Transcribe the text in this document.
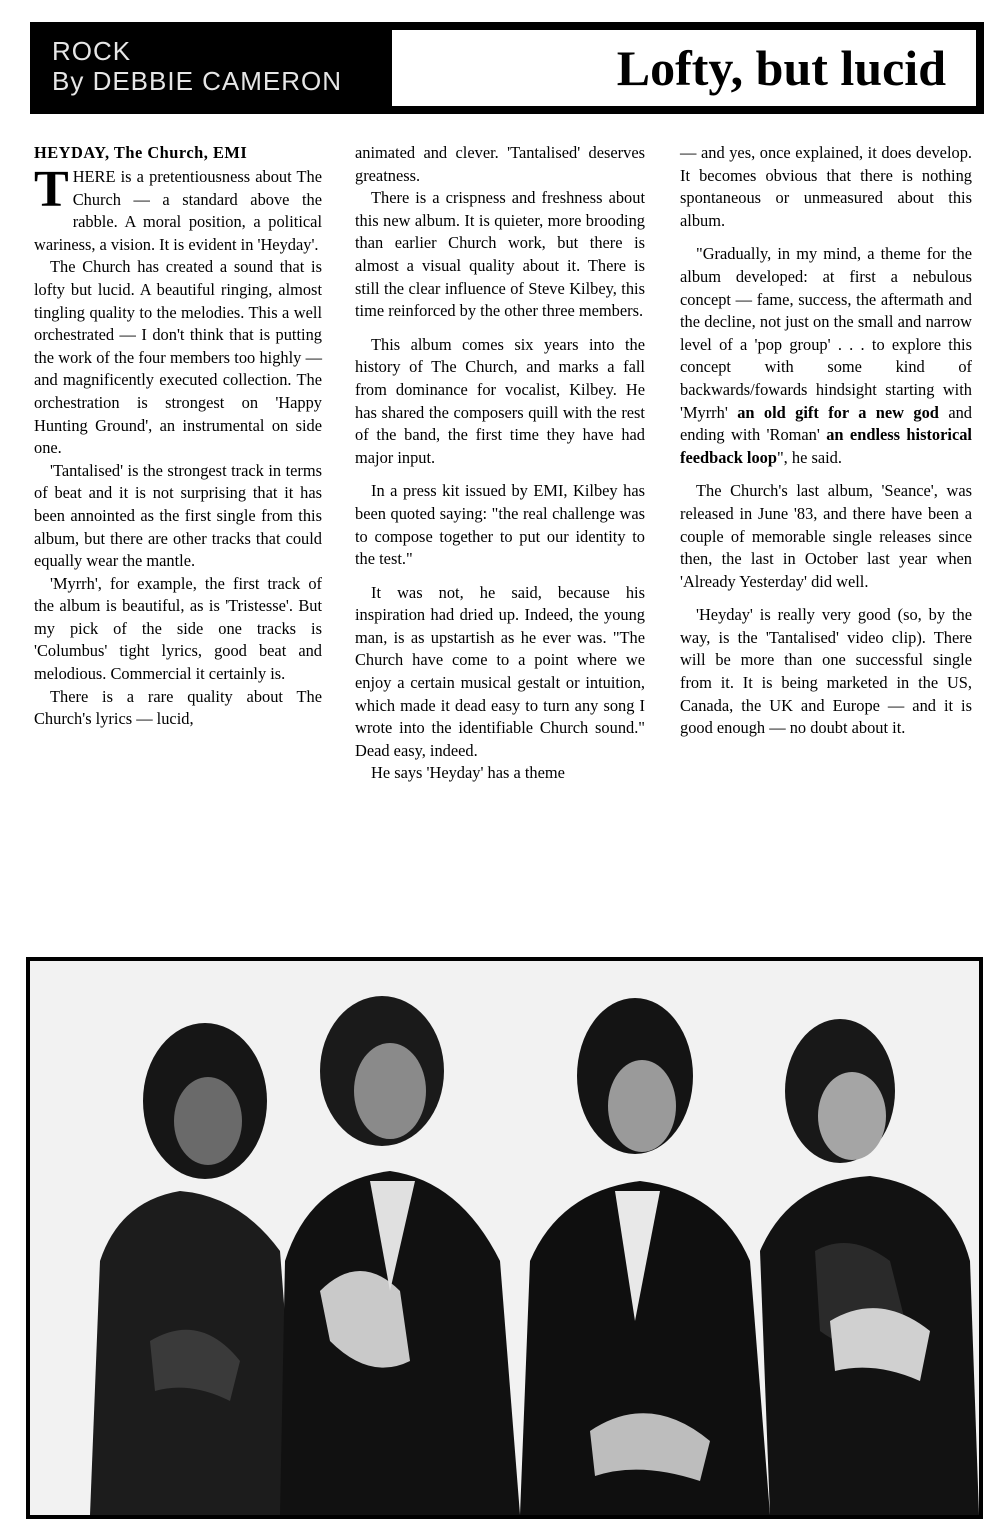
ROCK
By DEBBIE CAMERON	Lofty, but lucid
HEYDAY, The Church, EMI

THERE is a pretentiousness about The Church — a standard above the rabble. A moral position, a political wariness, a vision. It is evident in 'Heyday'.

The Church has created a sound that is lofty but lucid. A beautiful ringing, almost tingling quality to the melodies. This a well orchestrated — I don't think that is putting the work of the four members too highly — and magnificently executed collection. The orchestration is strongest on 'Happy Hunting Ground', an instrumental on side one.

'Tantalised' is the strongest track in terms of beat and it is not surprising that it has been annointed as the first single from this album, but there are other tracks that could equally wear the mantle.

'Myrrh', for example, the first track of the album is beautiful, as is 'Tristesse'. But my pick of the side one tracks is 'Columbus' tight lyrics, good beat and melodious. Commercial it certainly is.

There is a rare quality about The Church's lyrics — lucid,

animated and clever. 'Tantalised' deserves greatness.

There is a crispness and freshness about this new album. It is quieter, more brooding than earlier Church work, but there is almost a visual quality about it. There is still the clear influence of Steve Kilbey, this time reinforced by the other three members.

This album comes six years into the history of The Church, and marks a fall from dominance for vocalist, Kilbey. He has shared the composers quill with the rest of the band, the first time they have had major input.

In a press kit issued by EMI, Kilbey has been quoted saying: "the real challenge was to compose together to put our identity to the test."

It was not, he said, because his inspiration had dried up. Indeed, the young man, is as upstartish as he ever was. "The Church have come to a point where we enjoy a certain musical gestalt or intuition, which made it dead easy to turn any song I wrote into the identifiable Church sound." Dead easy, indeed.

He says 'Heyday' has a theme

— and yes, once explained, it does develop. It becomes obvious that there is nothing spontaneous or unmeasured about this album.

"Gradually, in my mind, a theme for the album developed: at first a nebulous concept — fame, success, the aftermath and the decline, not just on the small and narrow level of a 'pop group' . . . to explore this concept with some kind of backwards/fowards hindsight starting with 'Myrrh' an old gift for a new god and ending with 'Roman' an endless historical feedback loop", he said.

The Church's last album, 'Seance', was released in June '83, and there have been a couple of memorable single releases since then, the last in October last year when 'Already Yesterday' did well.

'Heyday' is really very good (so, by the way, is the 'Tantalised' video clip). There will be more than one successful single from it. It is being marketed in the US, Canada, the UK and Europe — and it is good enough — no doubt about it.
